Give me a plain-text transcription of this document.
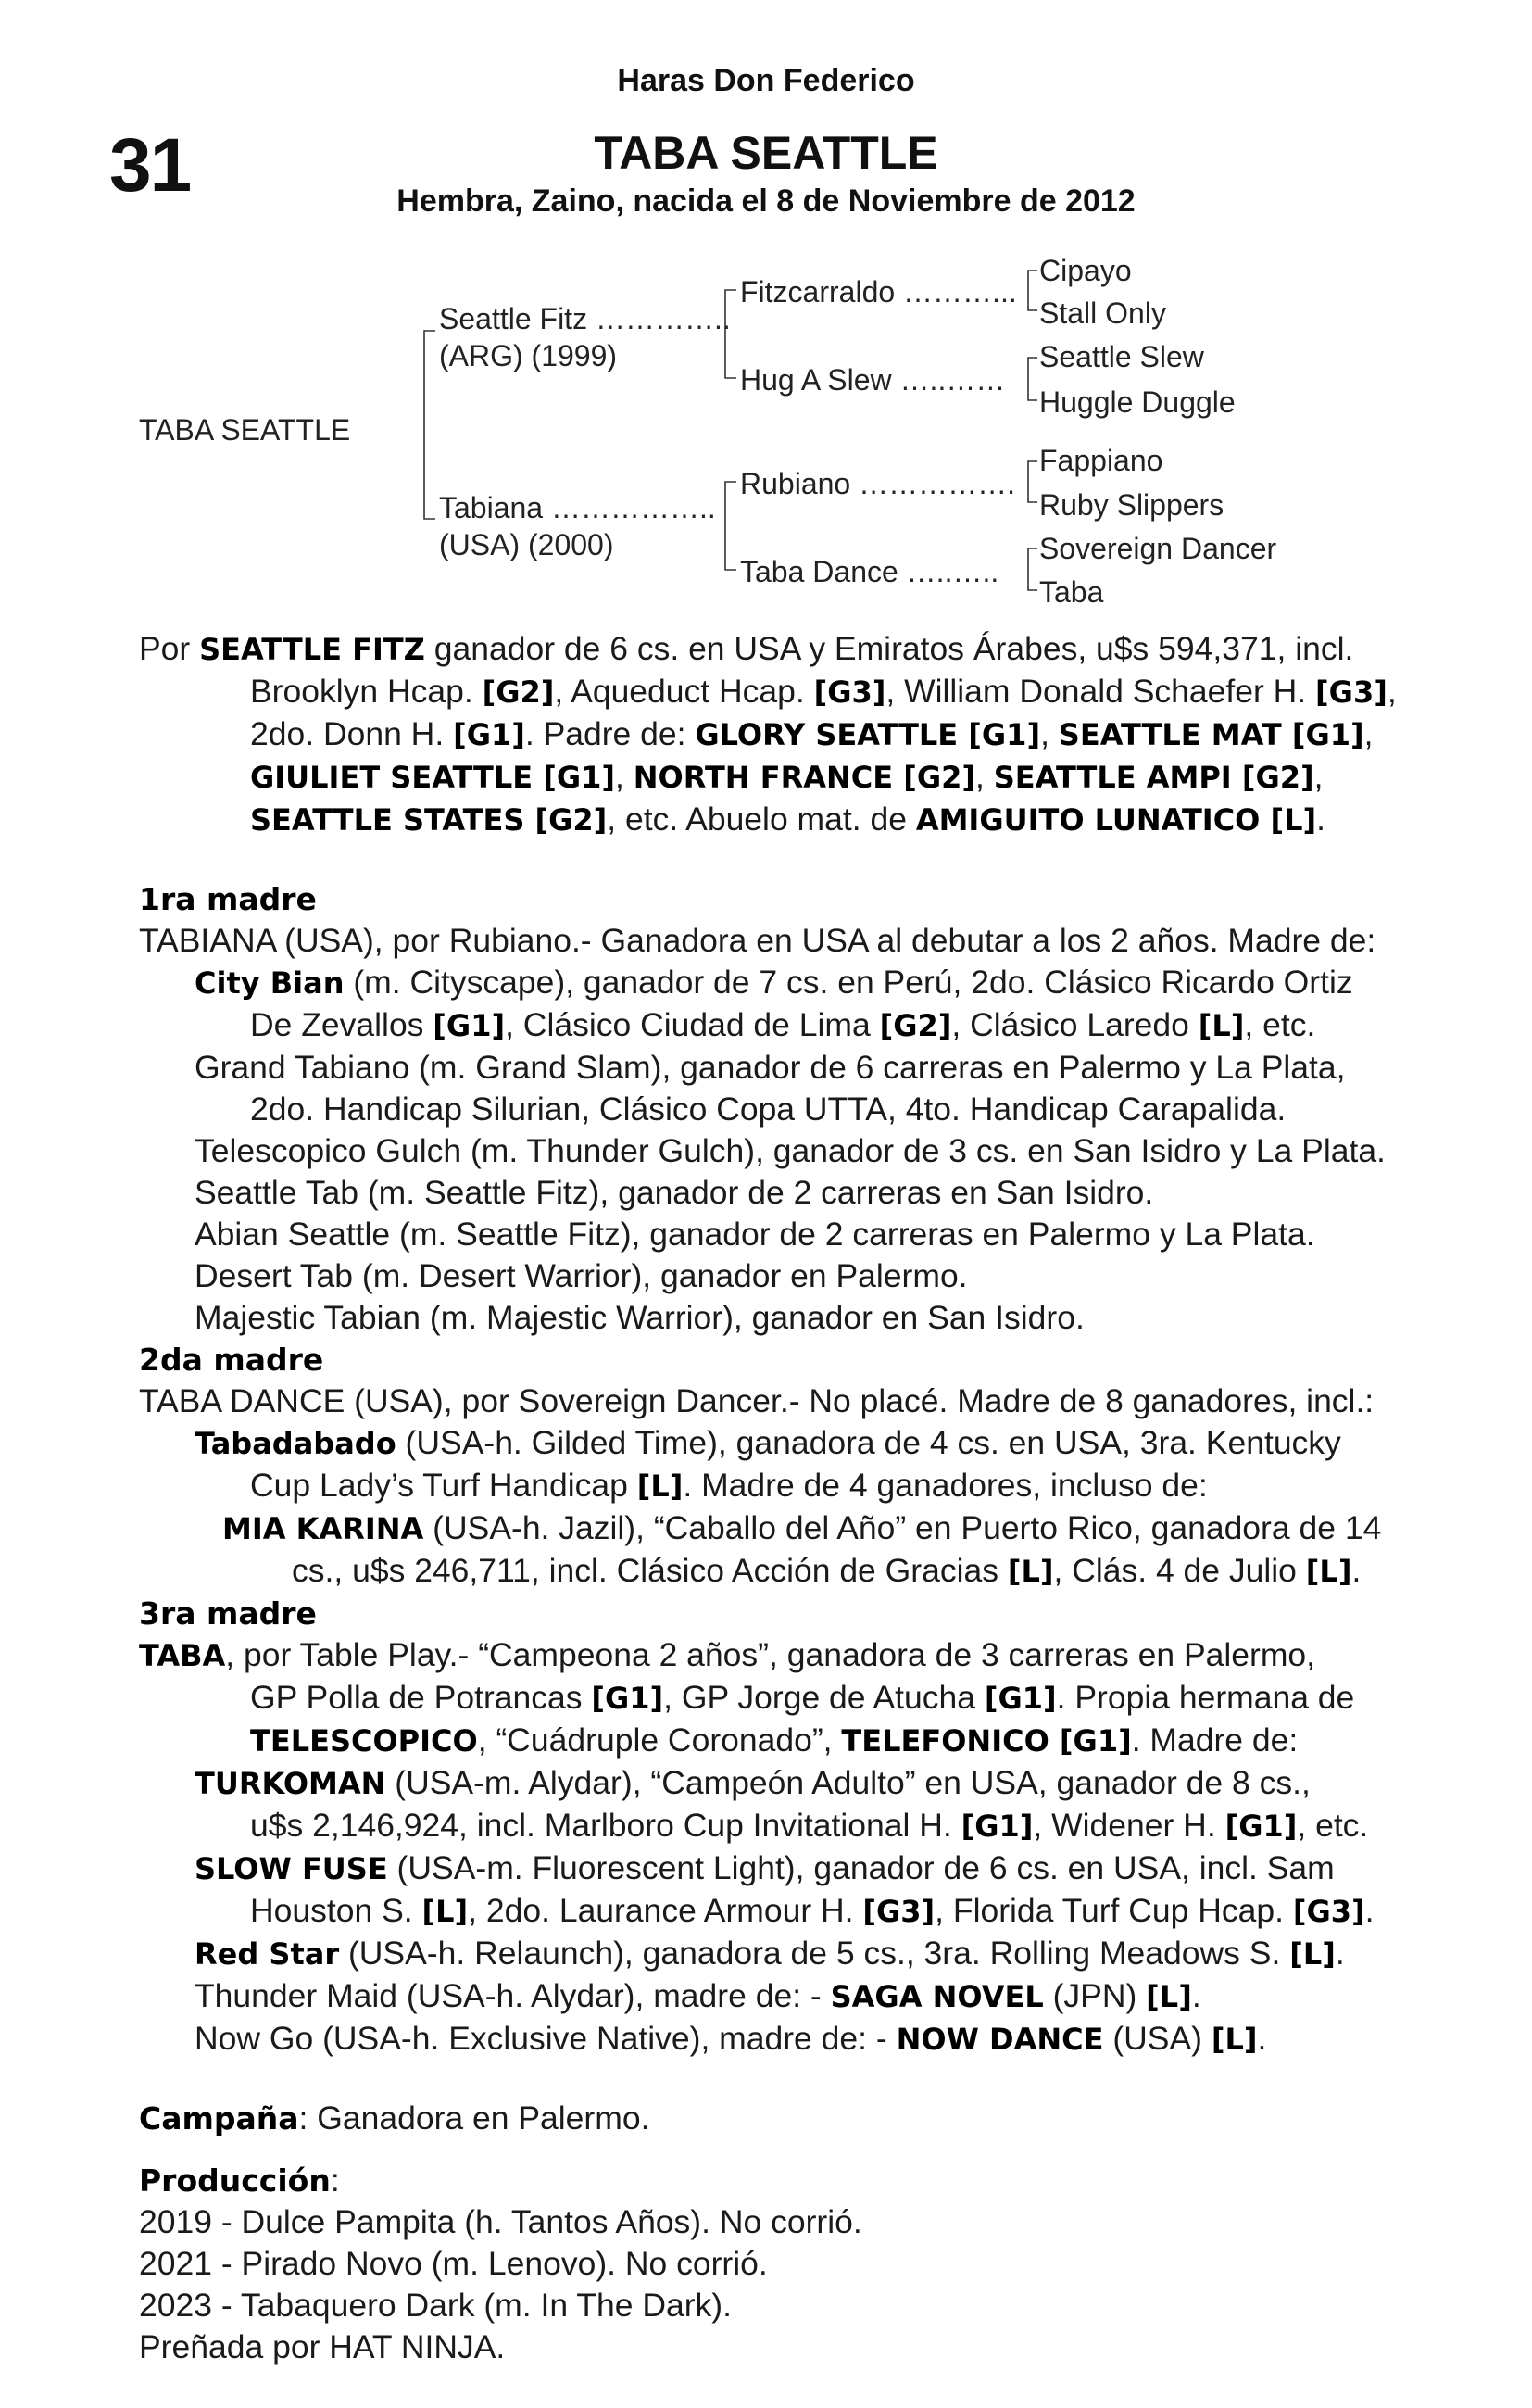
31
Haras Don Federico
TABA SEATTLE
Hembra, Zaino, nacida el 8 de Noviembre de 2012
TABA SEATTLE
Seattle Fitz …………..
(ARG) (1999)
Tabiana ……………..
(USA) (2000)
Fitzcarraldo ………...
Hug A Slew …..……
Rubiano …………….
Taba Dance …..…..
Cipayo
Stall Only
Seattle Slew
Huggle Duggle
Fappiano
Ruby Slippers
Sovereign Dancer
Taba
Por SEATTLE FITZ ganador de 6 cs. en USA y Emiratos Árabes, u$s 594,371, incl.
Brooklyn Hcap. [G2], Aqueduct Hcap. [G3], William Donald Schaefer H. [G3],
2do. Donn H. [G1]. Padre de: GLORY SEATTLE [G1], SEATTLE MAT [G1],
GIULIET SEATTLE [G1], NORTH FRANCE [G2], SEATTLE AMPI [G2],
SEATTLE STATES [G2], etc. Abuelo mat. de AMIGUITO LUNATICO [L].
1ra madre
TABIANA (USA), por Rubiano.- Ganadora en USA al debutar a los 2 años. Madre de:
City Bian (m. Cityscape), ganador de 7 cs. en Perú, 2do. Clásico Ricardo Ortiz
De Zevallos [G1], Clásico Ciudad de Lima [G2], Clásico Laredo [L], etc.
Grand Tabiano (m. Grand Slam), ganador de 6 carreras en Palermo y La Plata,
2do. Handicap Silurian, Clásico Copa UTTA, 4to. Handicap Carapalida.
Telescopico Gulch (m. Thunder Gulch), ganador de 3 cs. en San Isidro y La Plata.
Seattle Tab (m. Seattle Fitz), ganador de 2 carreras en San Isidro.
Abian Seattle (m. Seattle Fitz), ganador de 2 carreras en Palermo y La Plata.
Desert Tab (m. Desert Warrior), ganador en Palermo.
Majestic Tabian (m. Majestic Warrior), ganador en San Isidro.
2da madre
TABA DANCE (USA), por Sovereign Dancer.- No placé. Madre de 8 ganadores, incl.:
Tabadabado (USA-h. Gilded Time), ganadora de 4 cs. en USA, 3ra. Kentucky
Cup Lady’s Turf Handicap [L]. Madre de 4 ganadores, incluso de:
MIA KARINA (USA-h. Jazil), “Caballo del Año” en Puerto Rico, ganadora de 14
cs., u$s 246,711, incl. Clásico Acción de Gracias [L], Clás. 4 de Julio [L].
3ra madre
TABA, por Table Play.- “Campeona 2 años”, ganadora de 3 carreras en Palermo,
GP Polla de Potrancas [G1], GP Jorge de Atucha [G1]. Propia hermana de
TELESCOPICO, “Cuádruple Coronado”, TELEFONICO [G1]. Madre de:
TURKOMAN (USA-m. Alydar), “Campeón Adulto” en USA, ganador de 8 cs.,
u$s 2,146,924, incl. Marlboro Cup Invitational H. [G1], Widener H. [G1], etc.
SLOW FUSE (USA-m. Fluorescent Light), ganador de 6 cs. en USA, incl. Sam
Houston S. [L], 2do. Laurance Armour H. [G3], Florida Turf Cup Hcap. [G3].
Red Star (USA-h. Relaunch), ganadora de 5 cs., 3ra. Rolling Meadows S. [L].
Thunder Maid (USA-h. Alydar), madre de: - SAGA NOVEL (JPN) [L].
Now Go (USA-h. Exclusive Native), madre de: - NOW DANCE (USA) [L].
Campaña: Ganadora en Palermo.
Producción:
2019 - Dulce Pampita (h. Tantos Años). No corrió.
2021 - Pirado Novo (m. Lenovo). No corrió.
2023 - Tabaquero Dark (m. In The Dark).
Preñada por HAT NINJA.
